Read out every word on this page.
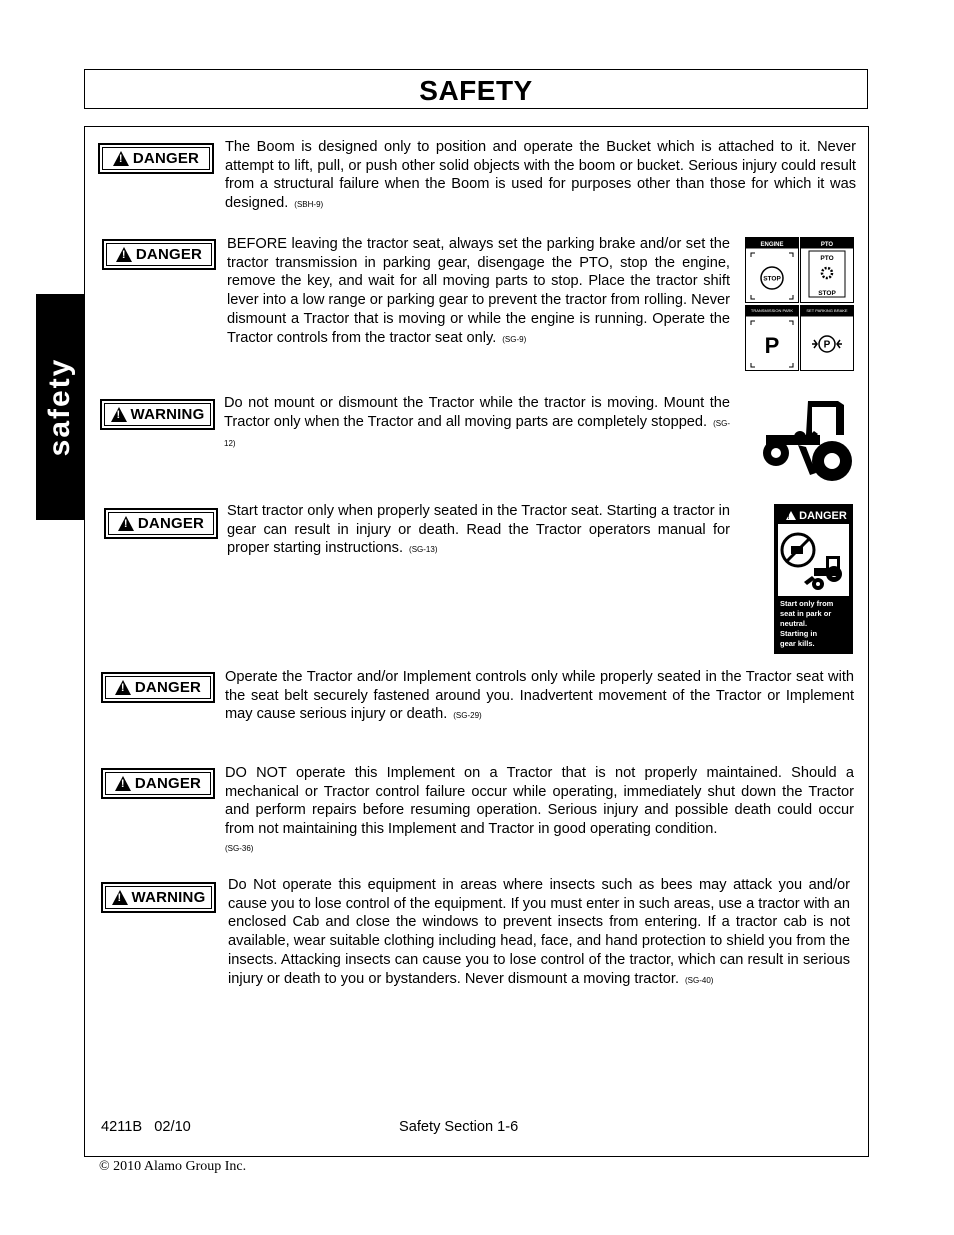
SAFETY
safety
!
DANGER
The Boom is designed only to position and operate the Bucket which is attached to it. Never attempt to lift, pull, or push other solid objects with the boom or bucket. Serious injury could result from a structural failure when the Boom is used for purposes other than those for which it was designed. (SBH-9)
!
DANGER
BEFORE leaving the tractor seat, always set the parking brake and/or set the tractor transmission in parking gear, disengage the PTO, stop the engine, remove the key, and wait for all moving parts to stop. Place the tractor shift lever into a low range or parking gear to prevent the tractor from rolling. Never dismount a Tractor that is moving or while the engine is running. Operate the Tractor controls from the tractor seat only. (SG-9)
ENGINE
STOP
PTO
PTO
STOP
TRANSMISSION PARK
P
SET PARKING BRAKE
P
!
WARNING
Do not mount or dismount the Tractor while the tractor is moving. Mount the Tractor only when the Tractor and all moving parts are completely stopped. (SG-12)
!
DANGER
Start tractor only when properly seated in the Tractor seat. Starting a tractor in gear can result in injury or death. Read the Tractor operators manual for proper starting instructions. (SG-13)
! DANGER
Start only from seat in park or neutral. Starting in gear kills.
!
DANGER
Operate the Tractor and/or Implement controls only while properly seated in the Tractor seat with the seat belt securely fastened around you. Inadvertent movement of the Tractor or Implement may cause serious injury or death. (SG-29)
!
DANGER
DO NOT operate this Implement on a Tractor that is not properly maintained. Should a mechanical or Tractor control failure occur while operating, immediately shut down the Tractor and perform repairs before resuming operation. Serious injury and possible death could occur from not maintaining this Implement and Tractor in good operating condition.
(SG-36)
!
WARNING
Do Not operate this equipment in areas where insects such as bees may attack you and/or cause you to lose control of the equipment. If you must enter in such areas, use a tractor with an enclosed Cab and close the windows to prevent insects from entering. If a tractor cab is not available, wear suitable clothing including head, face, and hand protection to shield you from the insects. Attacking insects can cause you to lose control of the tractor, which can result in serious injury or death to you or bystanders. Never dismount a moving tractor. (SG-40)
4211B   02/10	Safety Section 1-6
© 2010 Alamo Group Inc.
